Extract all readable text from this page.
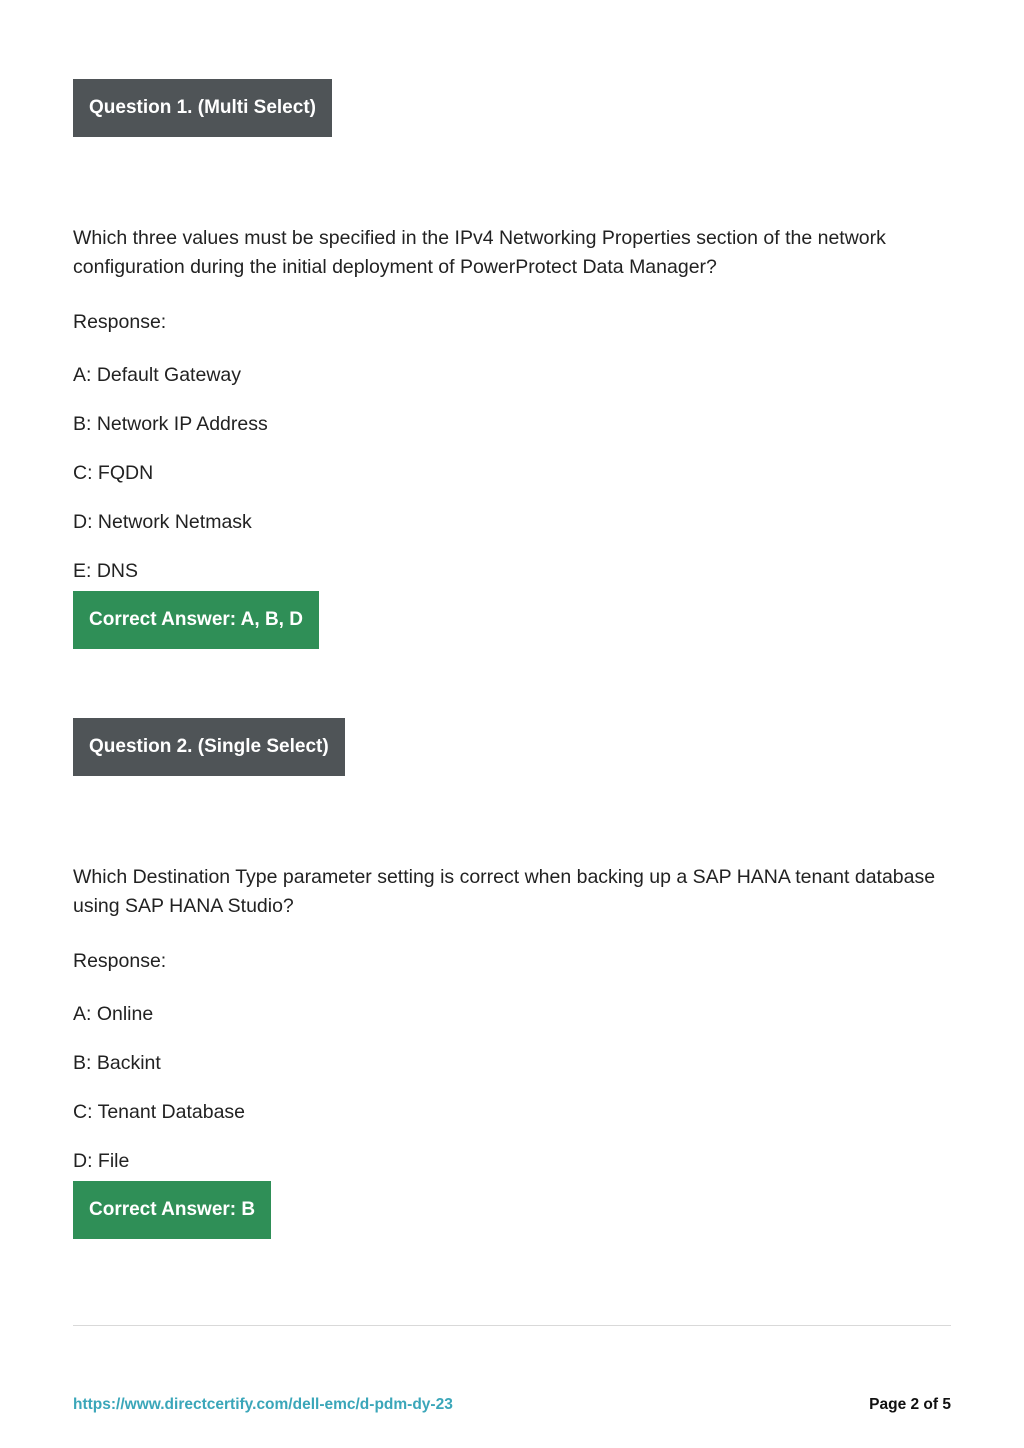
Question 1. (Multi Select)
Which three values must be specified in the IPv4 Networking Properties section of the network configuration during the initial deployment of PowerProtect Data Manager?
Response:
A: Default Gateway
B: Network IP Address
C: FQDN
D: Network Netmask
E: DNS
Correct Answer: A, B, D
Question 2. (Single Select)
Which Destination Type parameter setting is correct when backing up a SAP HANA tenant database using SAP HANA Studio?
Response:
A: Online
B: Backint
C: Tenant Database
D: File
Correct Answer: B
https://www.directcertify.com/dell-emc/d-pdm-dy-23	Page 2 of 5
